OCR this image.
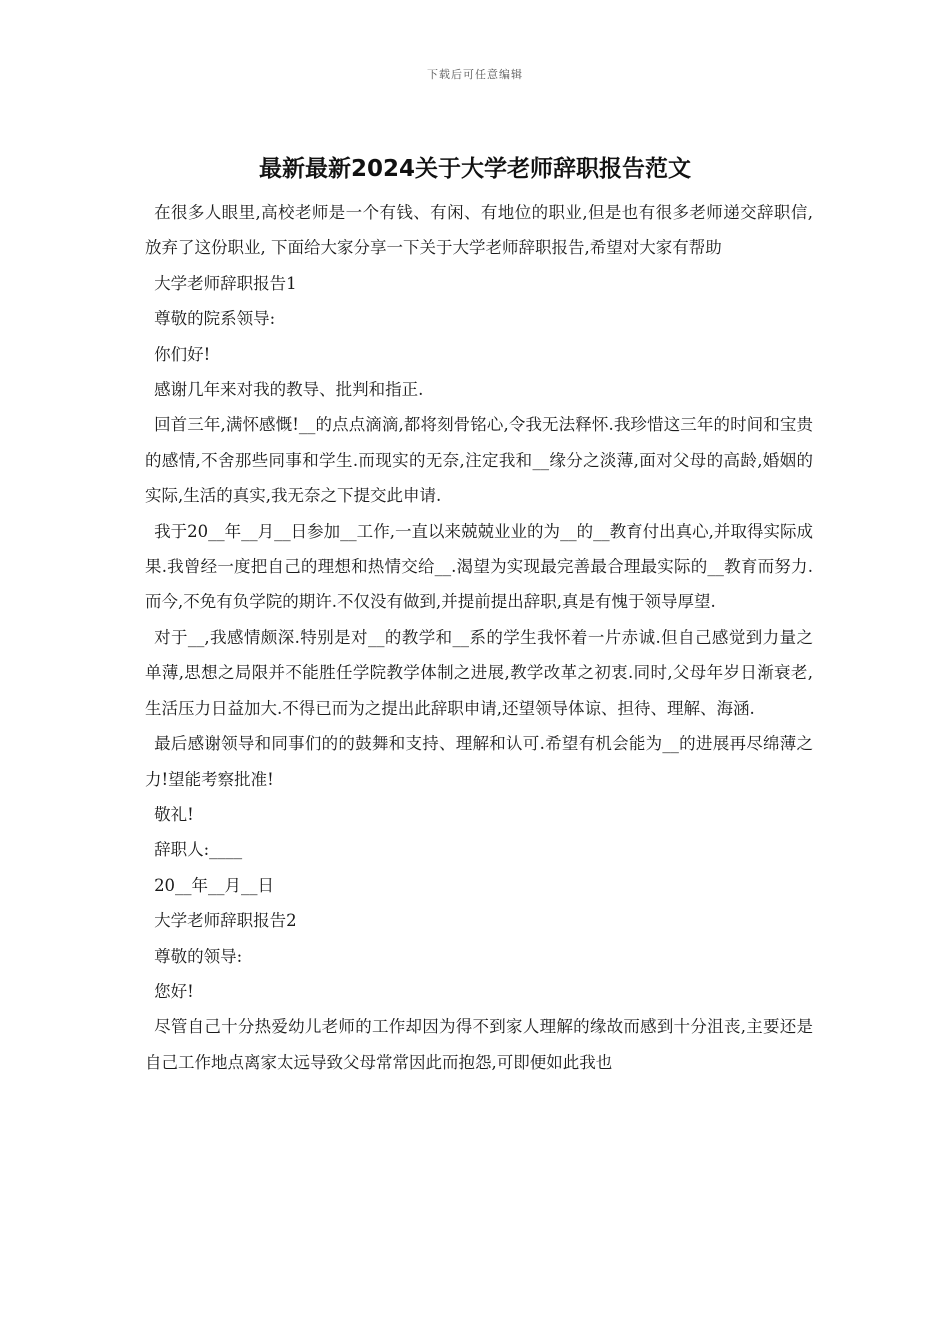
下载后可任意编辑
最新最新2024关于大学老师辞职报告范文

在很多人眼里,高校老师是一个有钱、有闲、有地位的职业,但是也有很多老师递交辞职信,放弃了这份职业, 下面给大家分享一下关于大学老师辞职报告,希望对大家有帮助

大学老师辞职报告1

尊敬的院系领导:

你们好!

感谢几年来对我的教导、批判和指正.

回首三年,满怀感慨!__的点点滴滴,都将刻骨铭心,令我无法释怀.我珍惜这三年的时间和宝贵的感情,不舍那些同事和学生.而现实的无奈,注定我和__缘分之淡薄,面对父母的高龄,婚姻的实际,生活的真实,我无奈之下提交此申请.

我于20__年__月__日参加__工作,一直以来兢兢业业的为__的__教育付出真心,并取得实际成果.我曾经一度把自己的理想和热情交给__.渴望为实现最完善最合理最实际的__教育而努力.而今,不免有负学院的期许.不仅没有做到,并提前提出辞职,真是有愧于领导厚望.

对于__,我感情颇深.特别是对__的教学和__系的学生我怀着一片赤诚.但自己感觉到力量之单薄,思想之局限并不能胜任学院教学体制之进展,教学改革之初衷.同时,父母年岁日渐衰老,生活压力日益加大.不得已而为之提出此辞职申请,还望领导体谅、担待、理解、海涵.

最后感谢领导和同事们的的鼓舞和支持、理解和认可.希望有机会能为__的进展再尽绵薄之力!望能考察批准!

敬礼!

辞职人:____

20__年__月__日

大学老师辞职报告2

尊敬的领导:

您好!

尽管自己十分热爱幼儿老师的工作却因为得不到家人理解的缘故而感到十分沮丧,主要还是自己工作地点离家太远导致父母常常因此而抱怨,可即便如此我也
